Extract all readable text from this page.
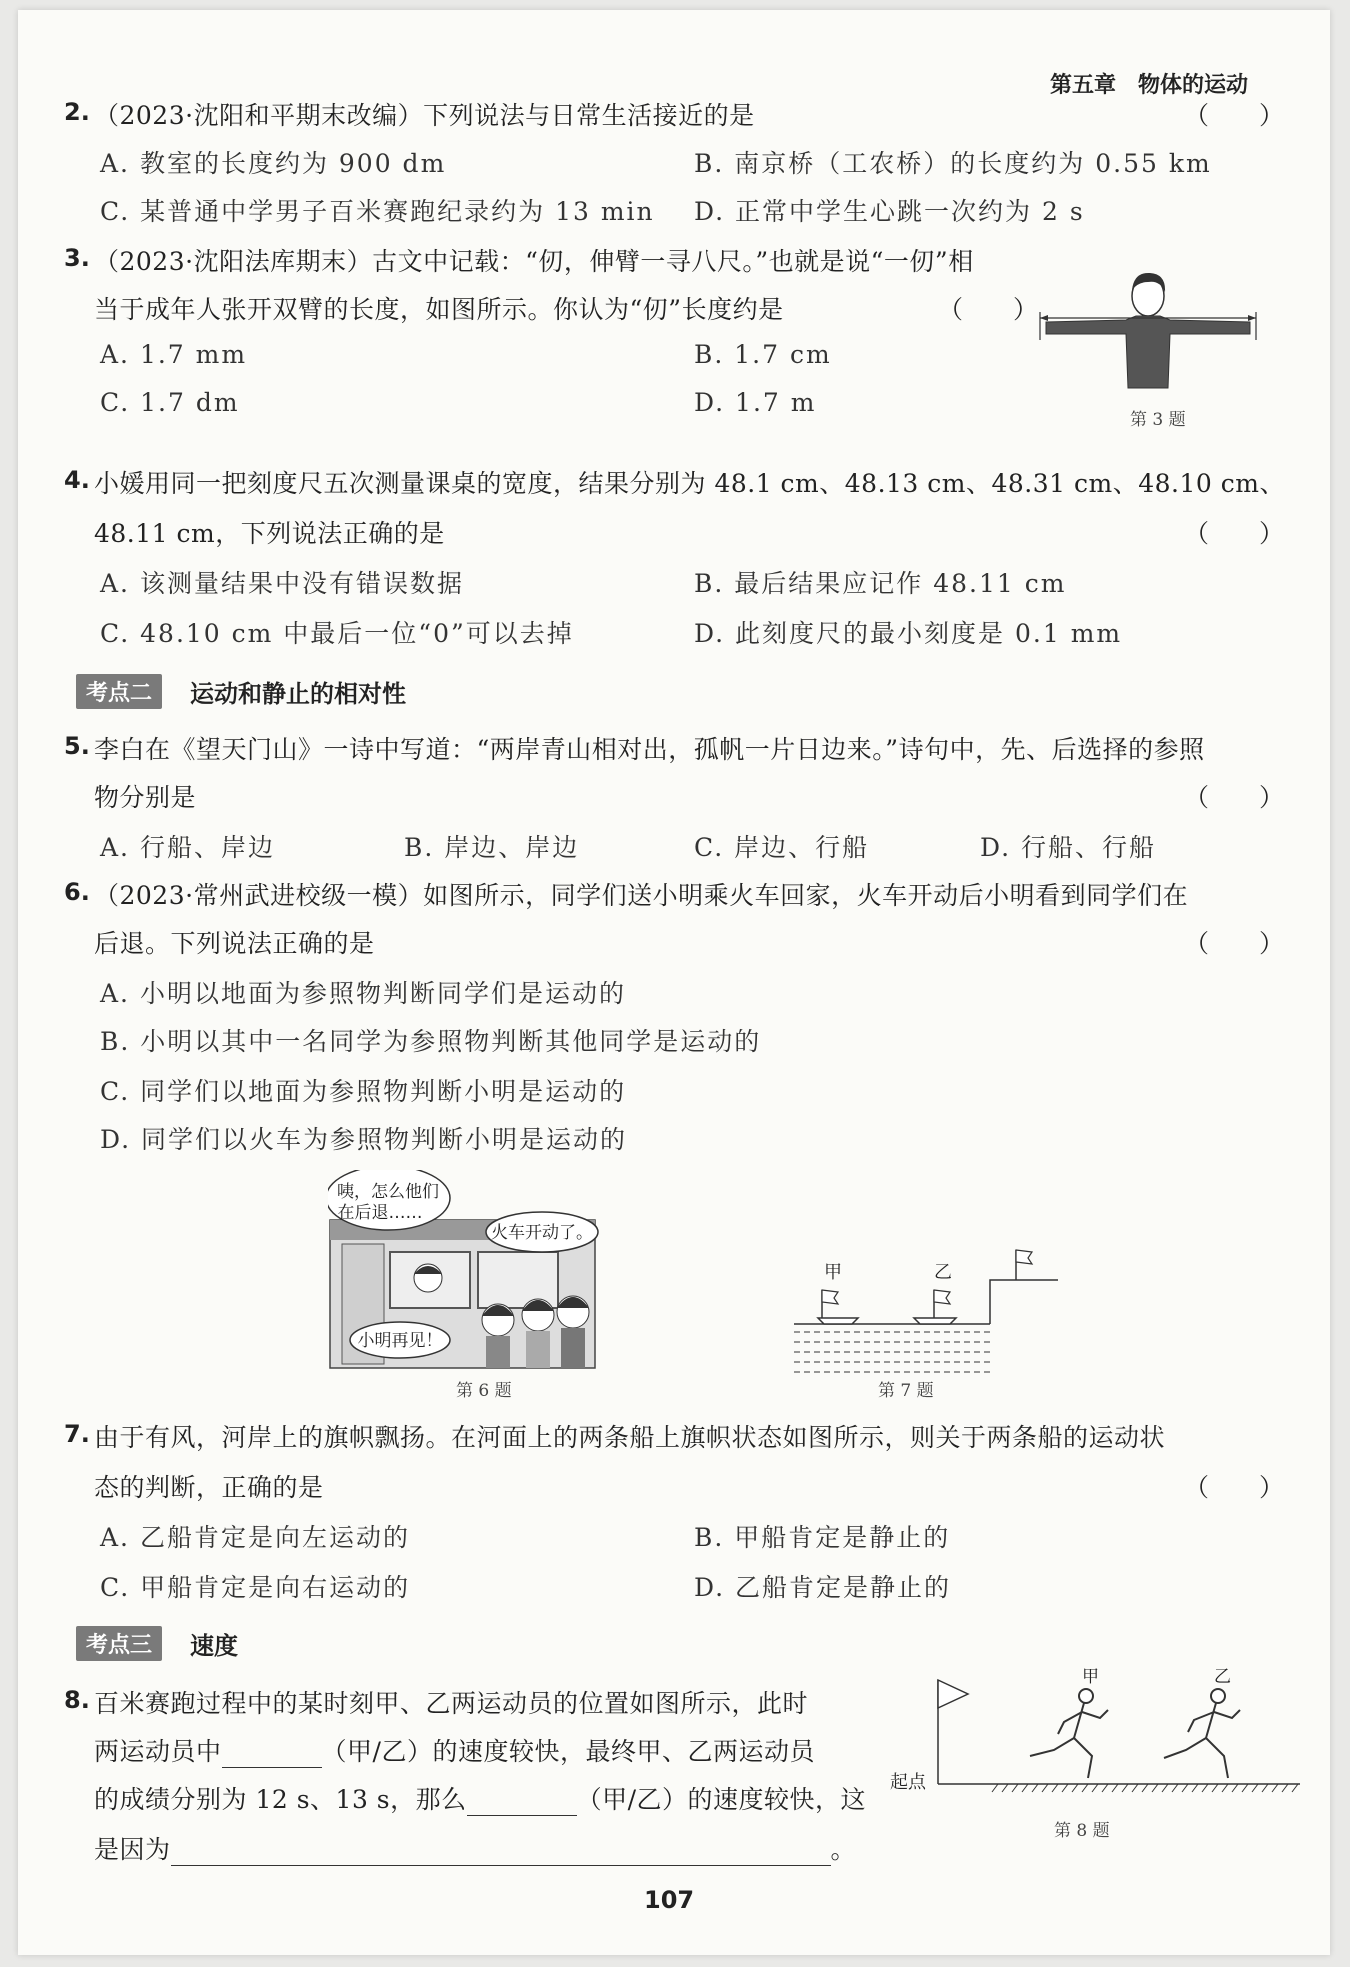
第五章　物体的运动
2. （2023·沈阳和平期末改编）下列说法与日常生活接近的是	（　　）
A. 教室的长度约为 900 dm	B. 南京桥（工农桥）的长度约为 0.55 km
C. 某普通中学男子百米赛跑纪录约为 13 min D. 正常中学生心跳一次约为 2 s
3. （2023·沈阳法库期末）古文中记载：“仞，伸臂一寻八尺。”也就是说“一仞”相
当于成年人张开双臂的长度，如图所示。你认为“仞”长度约是	（　　）
A. 1.7 mm	B. 1.7 cm
C. 1.7 dm	D. 1.7 m
第 3 题
4. 小媛用同一把刻度尺五次测量课桌的宽度，结果分别为 48.1 cm、48.13 cm、48.31 cm、48.10 cm、
48.11 cm，下列说法正确的是	（　　）
A. 该测量结果中没有错误数据	B. 最后结果应记作 48.11 cm
C. 48.10 cm 中最后一位“0”可以去掉	D. 此刻度尺的最小刻度是 0.1 mm
考点二	运动和静止的相对性
5. 李白在《望天门山》一诗中写道：“两岸青山相对出，孤帆一片日边来。”诗句中，先、后选择的参照
物分别是	（　　）
A. 行船、岸边	B. 岸边、岸边	C. 岸边、行船	D. 行船、行船
6. （2023·常州武进校级一模）如图所示，同学们送小明乘火车回家，火车开动后小明看到同学们在
后退。下列说法正确的是	（　　）
A. 小明以地面为参照物判断同学们是运动的
B. 小明以其中一名同学为参照物判断其他同学是运动的
C. 同学们以地面为参照物判断小明是运动的
D. 同学们以火车为参照物判断小明是运动的
咦，怎么他们
在后退……
火车开动了。
小明再见！
第 6 题
甲	乙
第 7 题
7. 由于有风，河岸上的旗帜飘扬。在河面上的两条船上旗帜状态如图所示，则关于两条船的运动状
态的判断，正确的是	（　　）
A. 乙船肯定是向左运动的	B. 甲船肯定是静止的
C. 甲船肯定是向右运动的	D. 乙船肯定是静止的
考点三	速度
8. 百米赛跑过程中的某时刻甲、乙两运动员的位置如图所示，此时
两运动员中	（甲/乙）的速度较快，最终甲、乙两运动员
的成绩分别为 12 s、13 s，那么	（甲/乙）的速度较快，这
是因为	。
甲	乙
起点
第 8 题
107
